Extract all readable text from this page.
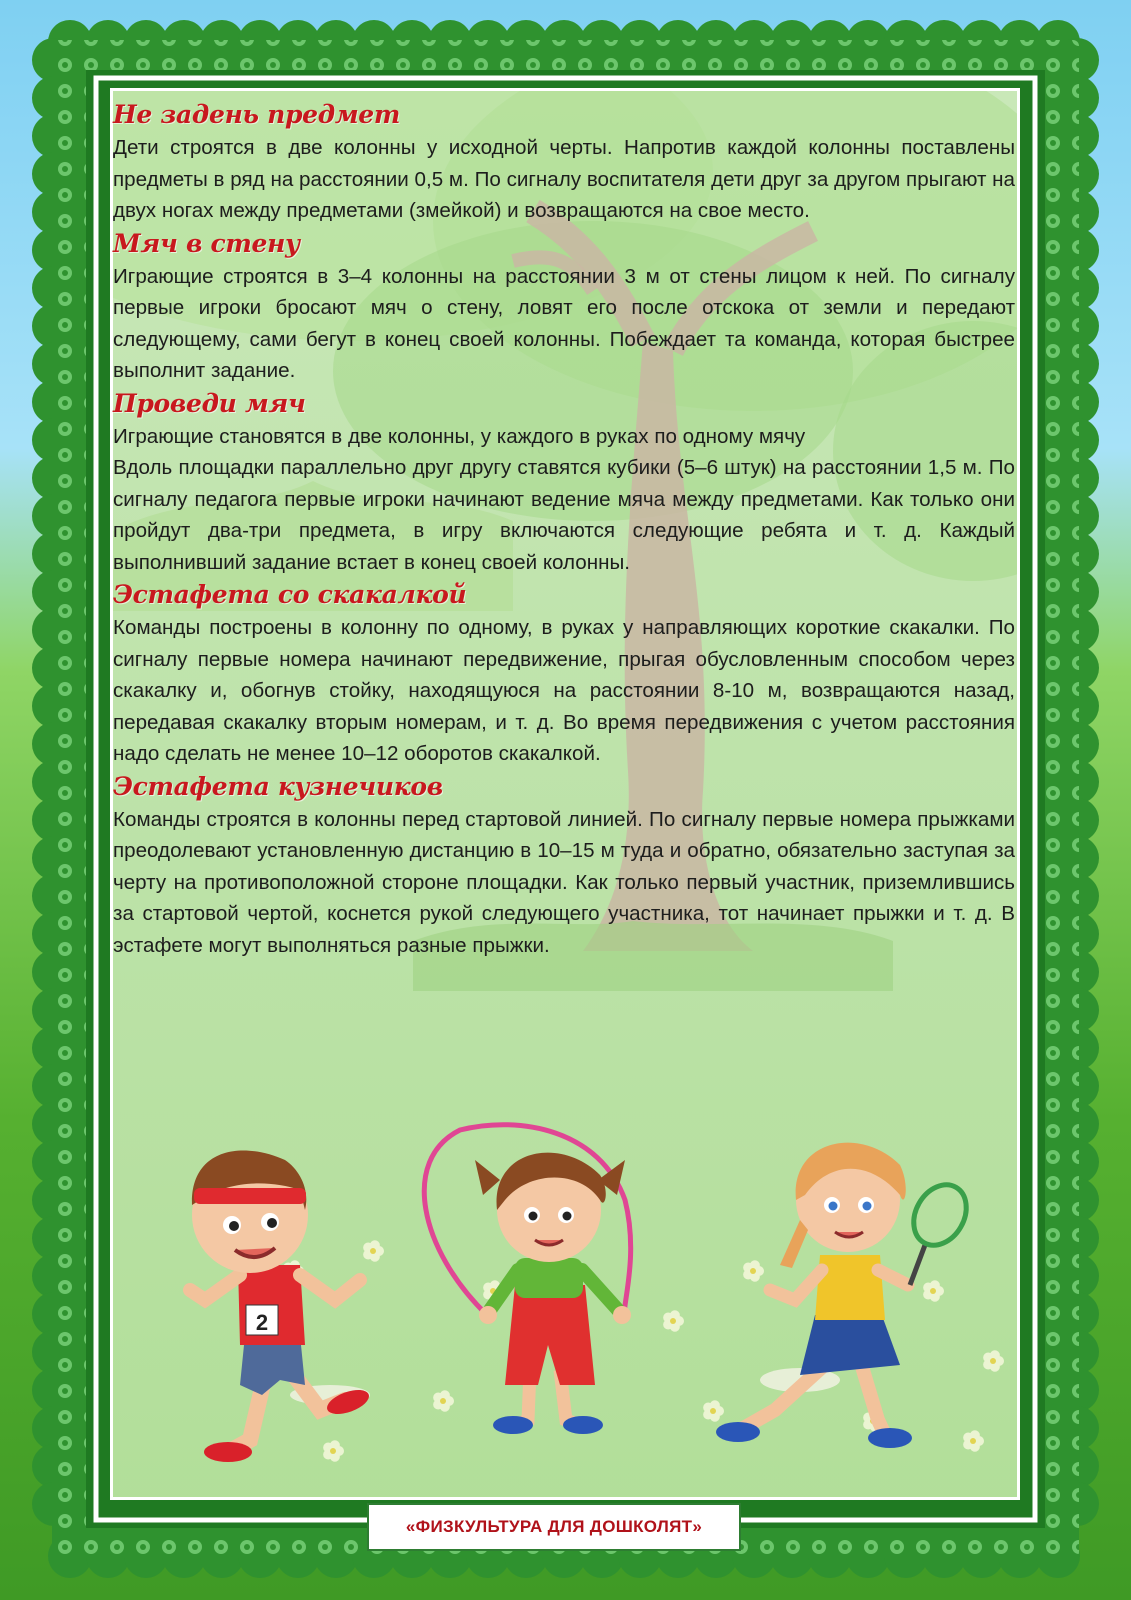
Не задень предмет

Дети строятся в две колонны у исходной черты. Напротив каждой колонны поставлены предметы в ряд на расстоянии 0,5 м. По сигналу воспитателя дети друг за другом прыгают на двух ногах между предметами (змейкой) и возвращаются на свое место.

Мяч в стену

Играющие строятся в 3–4 колонны на расстоянии 3 м от стены лицом к ней. По сигналу первые игроки бросают мяч о стену, ловят его после отскока от земли и передают следующему, сами бегут в конец своей колонны. Побеждает та команда, которая быстрее выполнит задание.

Проведи мяч

Играющие становятся в две колонны, у каждого в руках по одному мячу

Вдоль площадки параллельно друг другу ставятся кубики (5–6 штук) на расстоянии 1,5 м. По сигналу педагога первые игроки начинают ведение мяча между предметами. Как только они пройдут два-три предмета, в игру включаются следующие ребята и т. д. Каждый выполнивший задание встает в конец своей колонны.

Эстафета со скакалкой

Команды построены в колонну по одному, в руках у направляющих короткие скакалки. По сигналу первые номера начинают передвижение, прыгая обусловленным способом через скакалку и, обогнув стойку, находящуюся на расстоянии 8-10 м, возвращаются назад, передавая скакалку вторым номерам, и т. д. Во время передвижения с учетом расстояния надо сделать не менее 10–12 оборотов скакалкой.

Эстафета кузнечиков

Команды строятся в колонны перед стартовой линией. По сигналу первые номера прыжками преодолевают установленную дистанцию в 10–15 м туда и обратно, обязательно заступая за черту на противоположной стороне площадки. Как только первый участник, приземлившись за стартовой чертой, коснется рукой следующего участника, тот начинает прыжки и т. д. В эстафете могут выполняться разные прыжки.

2
«ФИЗКУЛЬТУРА ДЛЯ ДОШКОЛЯТ»
